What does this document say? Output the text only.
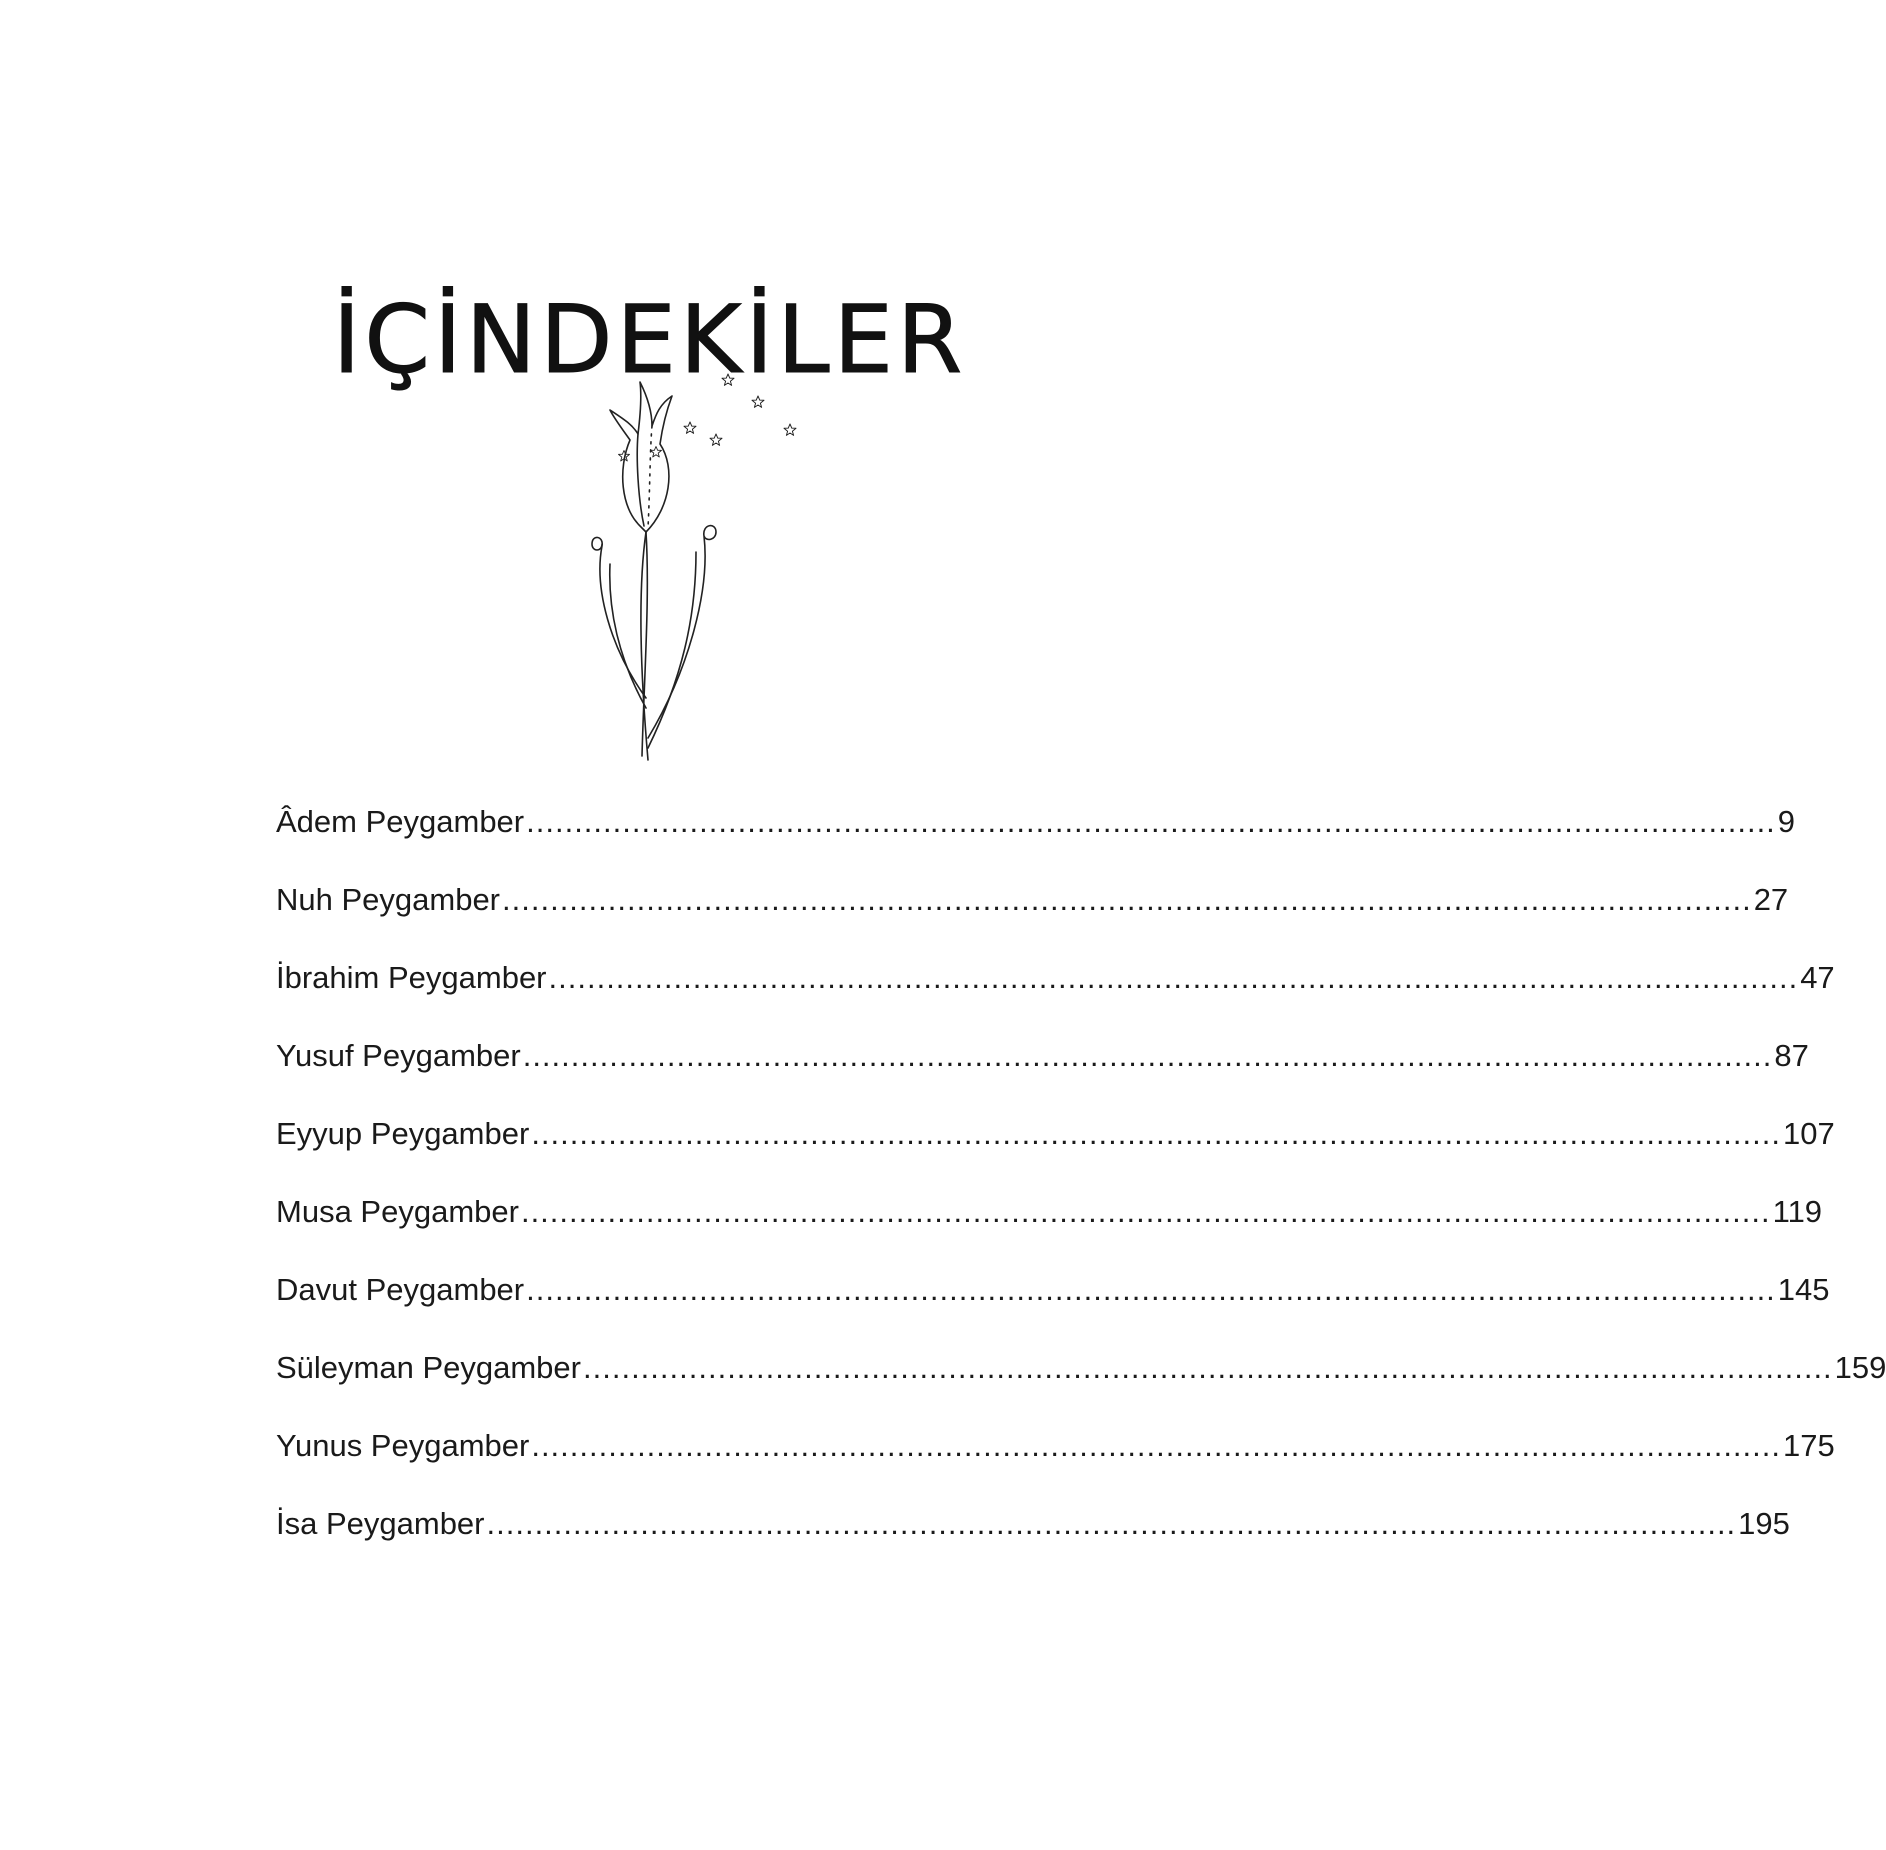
İÇİNDEKİLER
Âdem Peygamber .................................................................................................................................. 9
Nuh Peygamber .................................................................................................................................. 27
İbrahim Peygamber .................................................................................................................................. 47
Yusuf Peygamber .................................................................................................................................. 87
Eyyup Peygamber .................................................................................................................................. 107
Musa Peygamber .................................................................................................................................. 119
Davut Peygamber .................................................................................................................................. 145
Süleyman Peygamber .................................................................................................................................. 159
Yunus Peygamber .................................................................................................................................. 175
İsa Peygamber .................................................................................................................................. 195
